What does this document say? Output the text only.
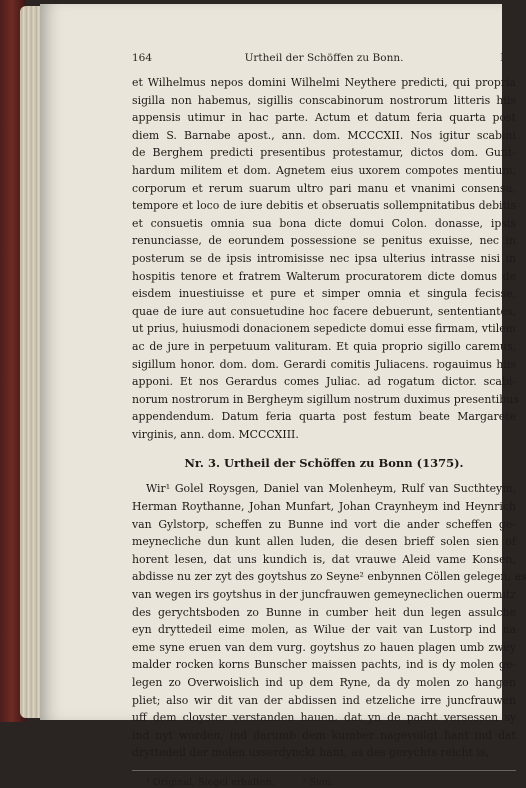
164	Urtheil der Schöffen zu Bonn.	III.
et Wilhelmus nepos domini Wilhelmi Neythere predicti, qui propria
sigilla non habemus, sigillis conscabinorum nostrorum litteris hiis
appensis utimur in hac parte. Actum et datum feria quarta post
diem S. Barnabe apost., ann. dom. MCCCXII. Nos igitur scabini
de Berghem predicti presentibus protestamur, dictos dom. Gunt-
hardum militem et dom. Agnetem eius uxorem compotes mentium,
corporum et rerum suarum ultro pari manu et vnanimi consensu,
tempore et loco de iure debitis et obseruatis sollempnitatibus debitis
et consuetis omnia sua bona dicte domui Colon. donasse, ipsis
renunciasse, de eorundem possessione se penitus exuisse, nec in
posterum se de ipsis intromisisse nec ipsa ulterius intrasse nisi in
hospitis tenore et fratrem Walterum procuratorem dicte domus de
eisdem inuestiuisse et pure et simper omnia et singula fecisse,
quae de iure aut consuetudine hoc facere debuerunt, sententiantes,
ut prius, huiusmodi donacionem sepedicte domui esse firmam, vtilem
ac de jure in perpetuum valituram. Et quia proprio sigillo caremus,
sigillum honor. dom. dom. Gerardi comitis Juliacens. rogauimus hiis
apponi. Et nos Gerardus comes Juliac. ad rogatum dictor. scabi-
norum nostrorum in Bergheym sigillum nostrum duximus presentibus
appendendum. Datum feria quarta post festum beate Margarete
virginis, ann. dom. MCCCXIII.
Nr. 3. Urtheil der Schöffen zu Bonn (1375).
Wir¹ Golel Roysgen, Daniel van Molenheym, Rulf van Sucthteym,
Herman Roythanne, Johan Munfart, Johan Craynheym ind Heynrich
van Gylstorp, scheffen zu Bunne ind vort die ander scheffen ge-
meynecliche dun kunt allen luden, die desen brieff solen sien of
horent lesen, dat uns kundich is, dat vrauwe Aleid vame Konsen,
abdisse nu zer zyt des goytshus zo Seyne² enbynnen Cöllen gelegen, as
van wegen irs goytshus in der juncfrauwen gemeyneclichen ouermitz
des gerychtsboden zo Bunne in cumber heit dun legen assulche
eyn dryttedeil eime molen, as Wilue der vait van Lustorp ind na
eme syne eruen van dem vurg. goytshus zo hauen plagen umb zwey
malder rocken korns Bunscher maissen pachts, ind is dy molen ge-
legen zo Overwoislich ind up dem Ryne, da dy molen zo hangen
pliet; also wir dit van der abdissen ind etzeliche irre juncfrauwen
uff dem cloyster verstanden hauen, dat yn de pacht versessen sy
ind nyt worden, ind darumb dem kumber nagevoilgt hant ind dat
dryttedeil der molen usserdynckt hant, as des gerychts reicht is,
¹ Original, Siegel erhalten.	² Sion.
